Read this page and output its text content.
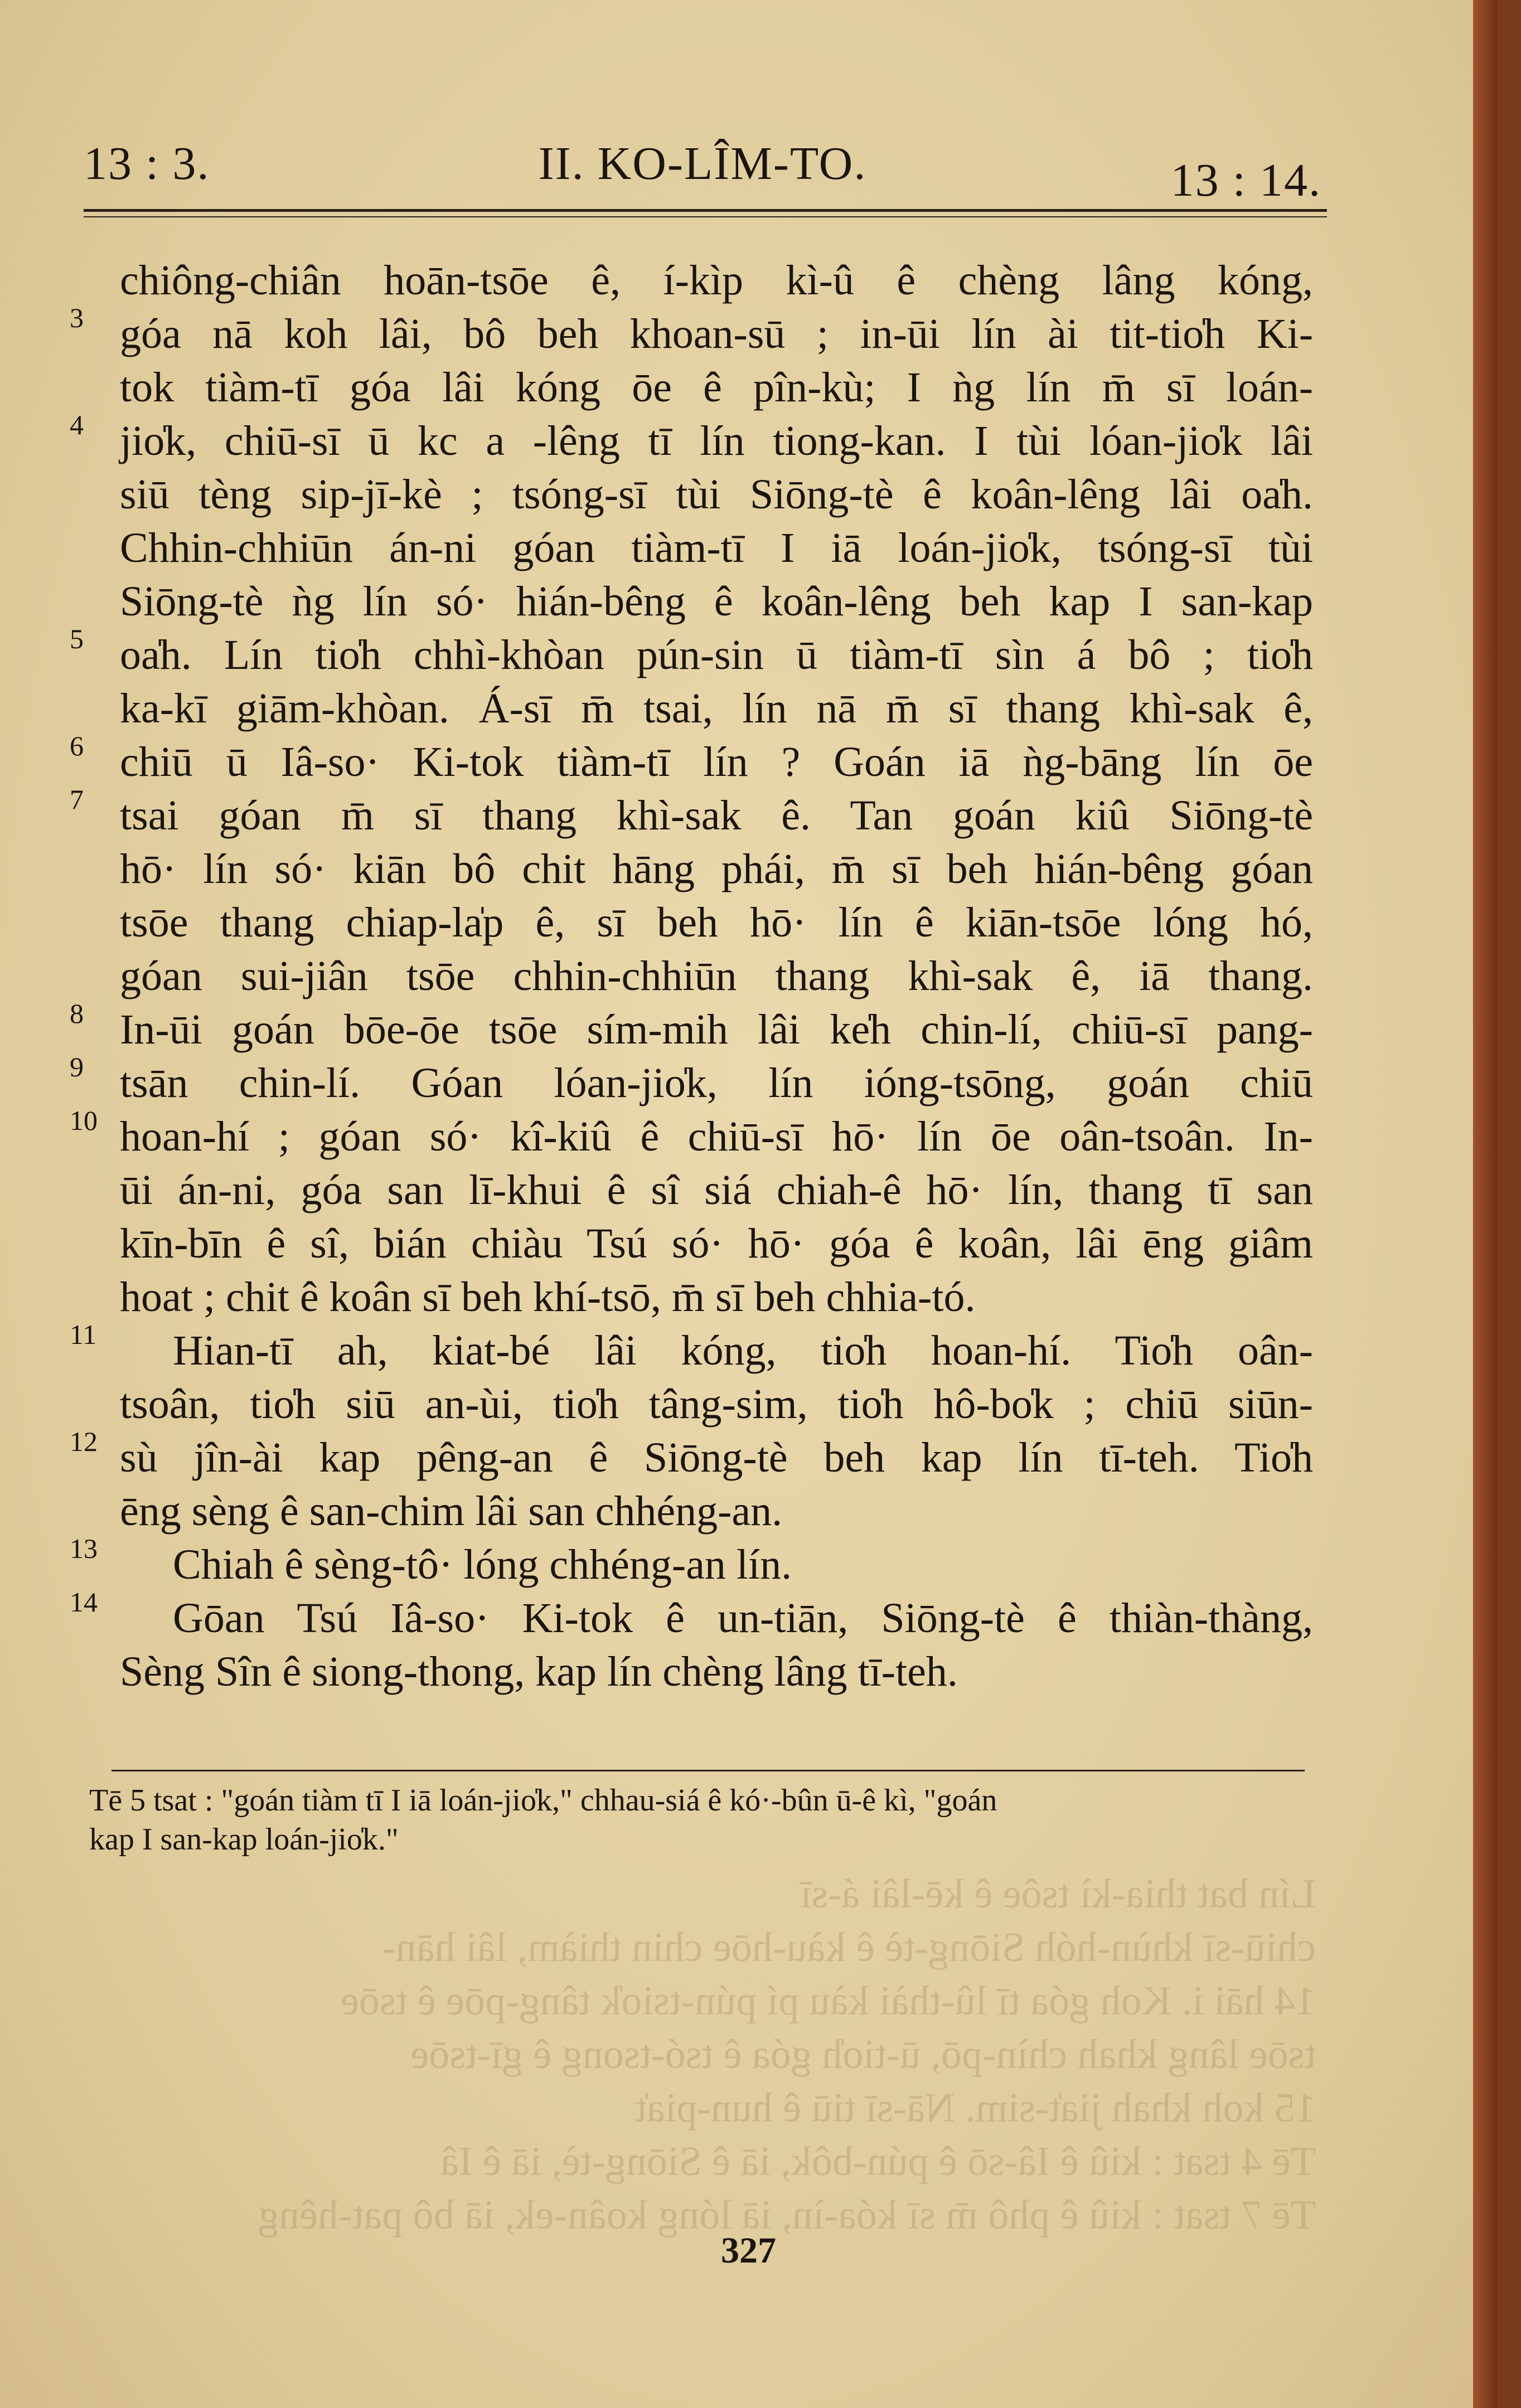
13 : 3.	II. KO-LÎM-TO.	13 : 14.
chiông-chiân hoān-tsōe ê, í-kìp kì-û ê chèng lâng kóng,
3 góa nā koh lâi, bô beh khoan-sū ; in-ūi lín ài tit-tio̍h Ki-
tok tiàm-tī góa lâi kóng ōe ê pîn-kù; I ǹg lín m̄ sī loán-
4 jio̍k, chiū-sī ū kc a -lêng tī lín tiong-kan. I tùi lóan-jio̍k lâi
siū tèng sip-jī-kè ; tsóng-sī tùi Siōng-tè ê koân-lêng lâi oa̍h.
Chhin-chhiūn án-ni góan tiàm-tī I iā loán-jio̍k, tsóng-sī tùi
Siōng-tè ǹg lín só· hián-bêng ê koân-lêng beh kap I san-kap
5 oa̍h. Lín tio̍h chhì-khòan pún-sin ū tiàm-tī sìn á bô ; tio̍h
ka-kī giām-khòan. Á-sī m̄ tsai, lín nā m̄ sī thang khì-sak ê,
6 chiū ū Iâ-so· Ki-tok tiàm-tī lín ? Goán iā ǹg-bāng lín ōe
7 tsai góan m̄ sī thang khì-sak ê. Tan goán kiû Siōng-tè
hō· lín só· kiān bô chit hāng phái, m̄ sī beh hián-bêng góan
tsōe thang chiap-la̍p ê, sī beh hō· lín ê kiān-tsōe lóng hó,
góan sui-jiân tsōe chhin-chhiūn thang khì-sak ê, iā thang.
8 In-ūi goán bōe-ōe tsōe sím-mih lâi ke̍h chin-lí, chiū-sī pang-
9 tsān chin-lí. Góan lóan-jio̍k, lín ióng-tsōng, goán chiū
10 hoan-hí ; góan só· kî-kiû ê chiū-sī hō· lín ōe oân-tsoân. In-
ūi án-ni, góa san lī-khui ê sî siá chiah-ê hō· lín, thang tī san
kīn-bīn ê sî, bián chiàu Tsú só· hō· góa ê koân, lâi ēng giâm
hoat ; chit ê koân sī beh khí-tsō, m̄ sī beh chhia-tó.
11 Hian-tī ah, kiat-bé lâi kóng, tio̍h hoan-hí. Tio̍h oân-
tsoân, tio̍h siū an-ùi, tio̍h tâng-sim, tio̍h hô-bo̍k ; chiū siūn-
12 sù jîn-ài kap pêng-an ê Siōng-tè beh kap lín tī-teh. Tio̍h
ēng sèng ê san-chim lâi san chhéng-an.
13 Chiah ê sèng-tô· lóng chhéng-an lín.
14 Gōan Tsú Iâ-so· Ki-tok ê un-tiān, Siōng-tè ê thiàn-thàng,
Sèng Sîn ê siong-thong, kap lín chèng lâng tī-teh.
Tē 5 tsat : "goán tiàm tī I iā loán-jio̍k," chhau-siá ê kó·-bûn ū-ê kì, "goán
kap I san-kap loán-jio̍k."
Lín bat thia-kì tsôe ê kē-lâi á-sī
chiū-sī khùn-hóh Siōng-tè ê kàu-hōe chin thiàm, lâi hān-
14 hāi i. Koh góa tī lû-thài kàu pí pún-tsio̍k tâng-pōe ê tsōe
tsōe lâng khah chìn-pō, ū-tio̍h góa ê tsó-tsong ê gī-tsōe
15 koh khah jia̍t-sim. Nā-sī tiū ê hun-pia̍t
Tē 4 tsat : kiû ê Iâ-sō ê pún-bôk, iā ê Siōng-tè, iā ê Iâ
Tē 7 tsat : kiû ê phô m̄ sī kóa-ìn, iā lóng koân-ek, iā bô pat-hêng
327
